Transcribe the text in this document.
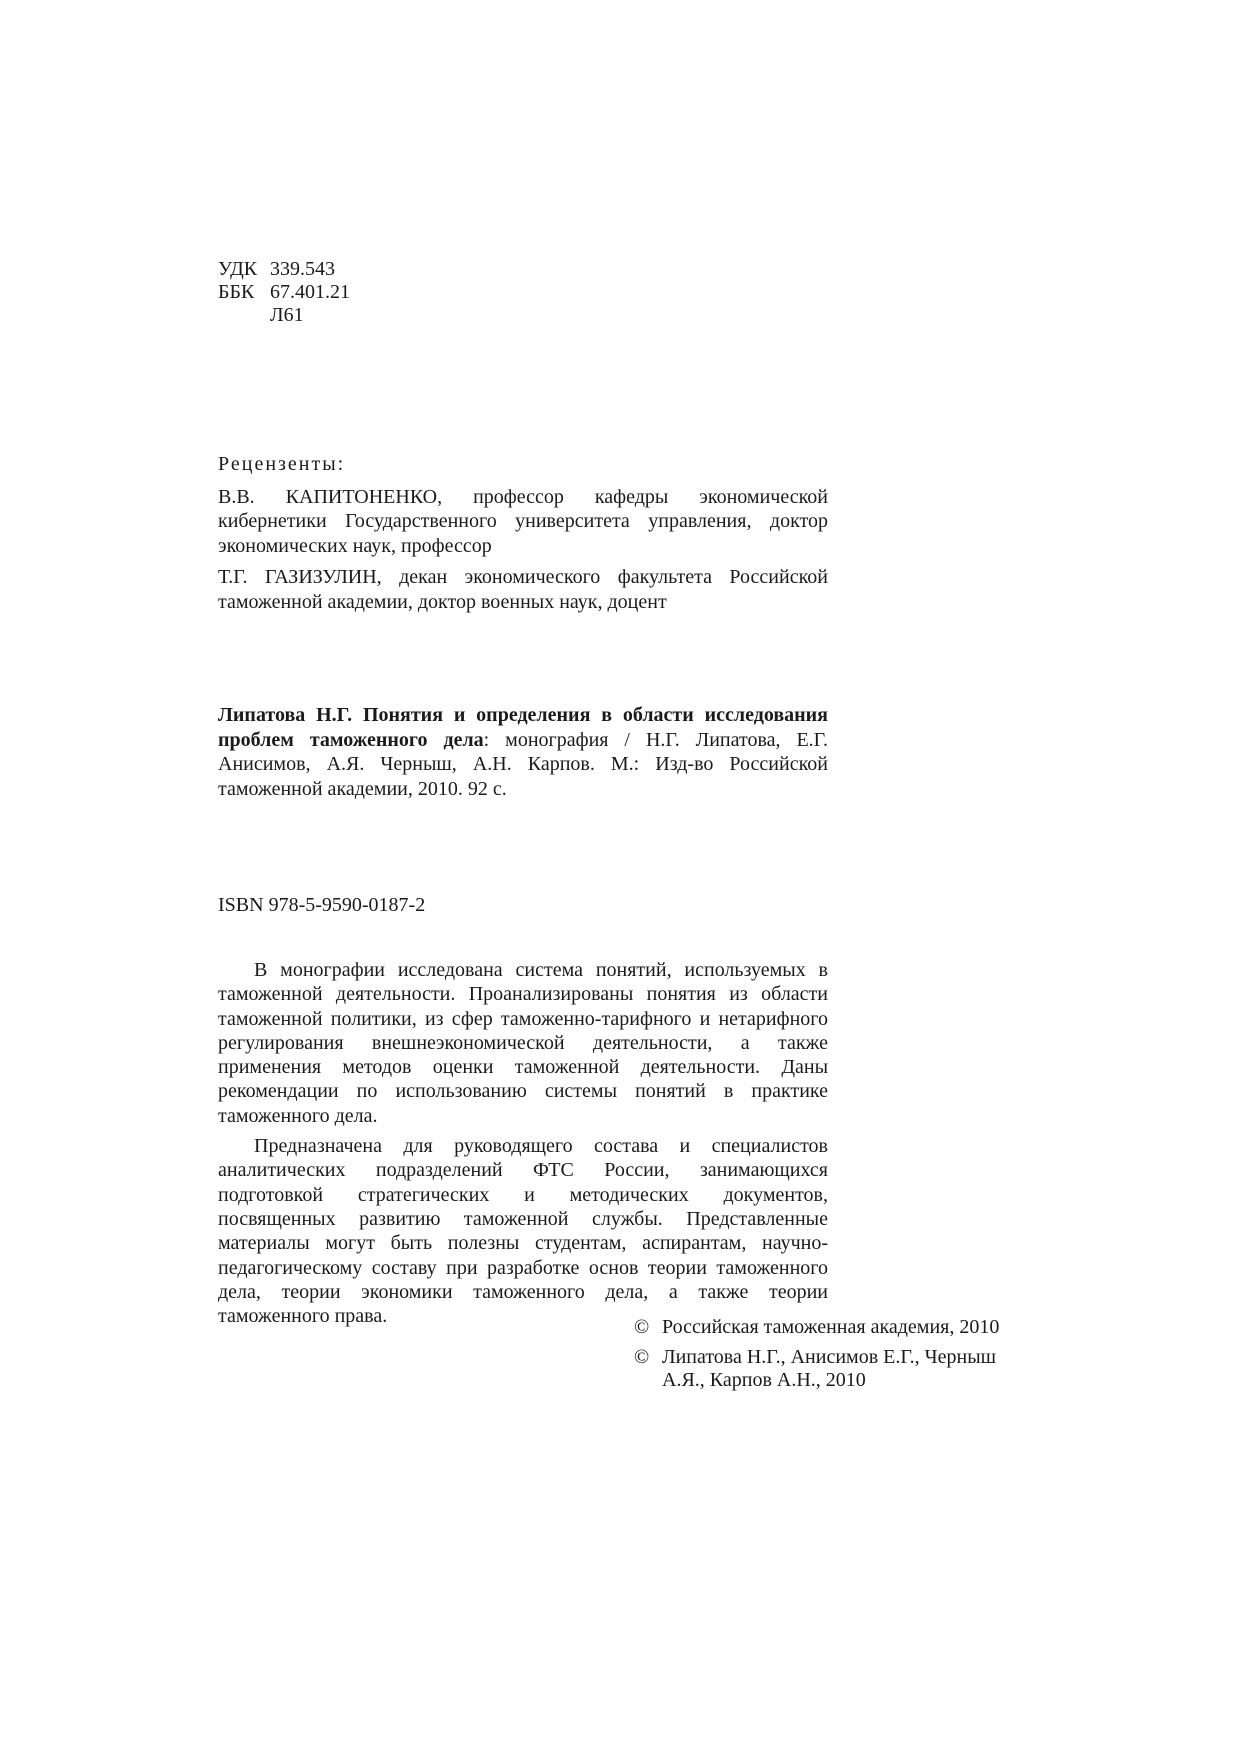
УДК 339.543
ББК 67.401.21
Л61
Рецензенты:

В.В. КАПИТОНЕНКО, профессор кафедры экономической кибернетики Государственного университета управления, доктор экономических наук, профессор

Т.Г. ГАЗИЗУЛИН, декан экономического факультета Российской таможенной академии, доктор военных наук, доцент

Липатова Н.Г. Понятия и определения в области исследования проблем таможенного дела: монография / Н.Г. Липатова, Е.Г. Анисимов, А.Я. Черныш, А.Н. Карпов. М.: Изд-во Российской таможенной академии, 2010. 92 с.
ISBN 978-5-9590-0187-2

В монографии исследована система понятий, используемых в таможенной деятельности. Проанализированы понятия из области таможенной политики, из сфер таможенно-тарифного и нетарифного регулирования внешнеэкономической деятельности, а также применения методов оценки таможенной деятельности. Даны рекомендации по использованию системы понятий в практике таможенного дела.

Предназначена для руководящего состава и специалистов аналитических подразделений ФТС России, занимающихся подготовкой стратегических и методических документов, посвященных развитию таможенной службы. Представленные материалы могут быть полезны студентам, аспирантам, научно-педагогическому составу при разработке основ теории таможенного дела, теории экономики таможенного дела, а также теории таможенного права.	© Российская таможенная академия, 2010
© Липатова Н.Г., Анисимов Е.Г., Черныш А.Я., Карпов А.Н., 2010
